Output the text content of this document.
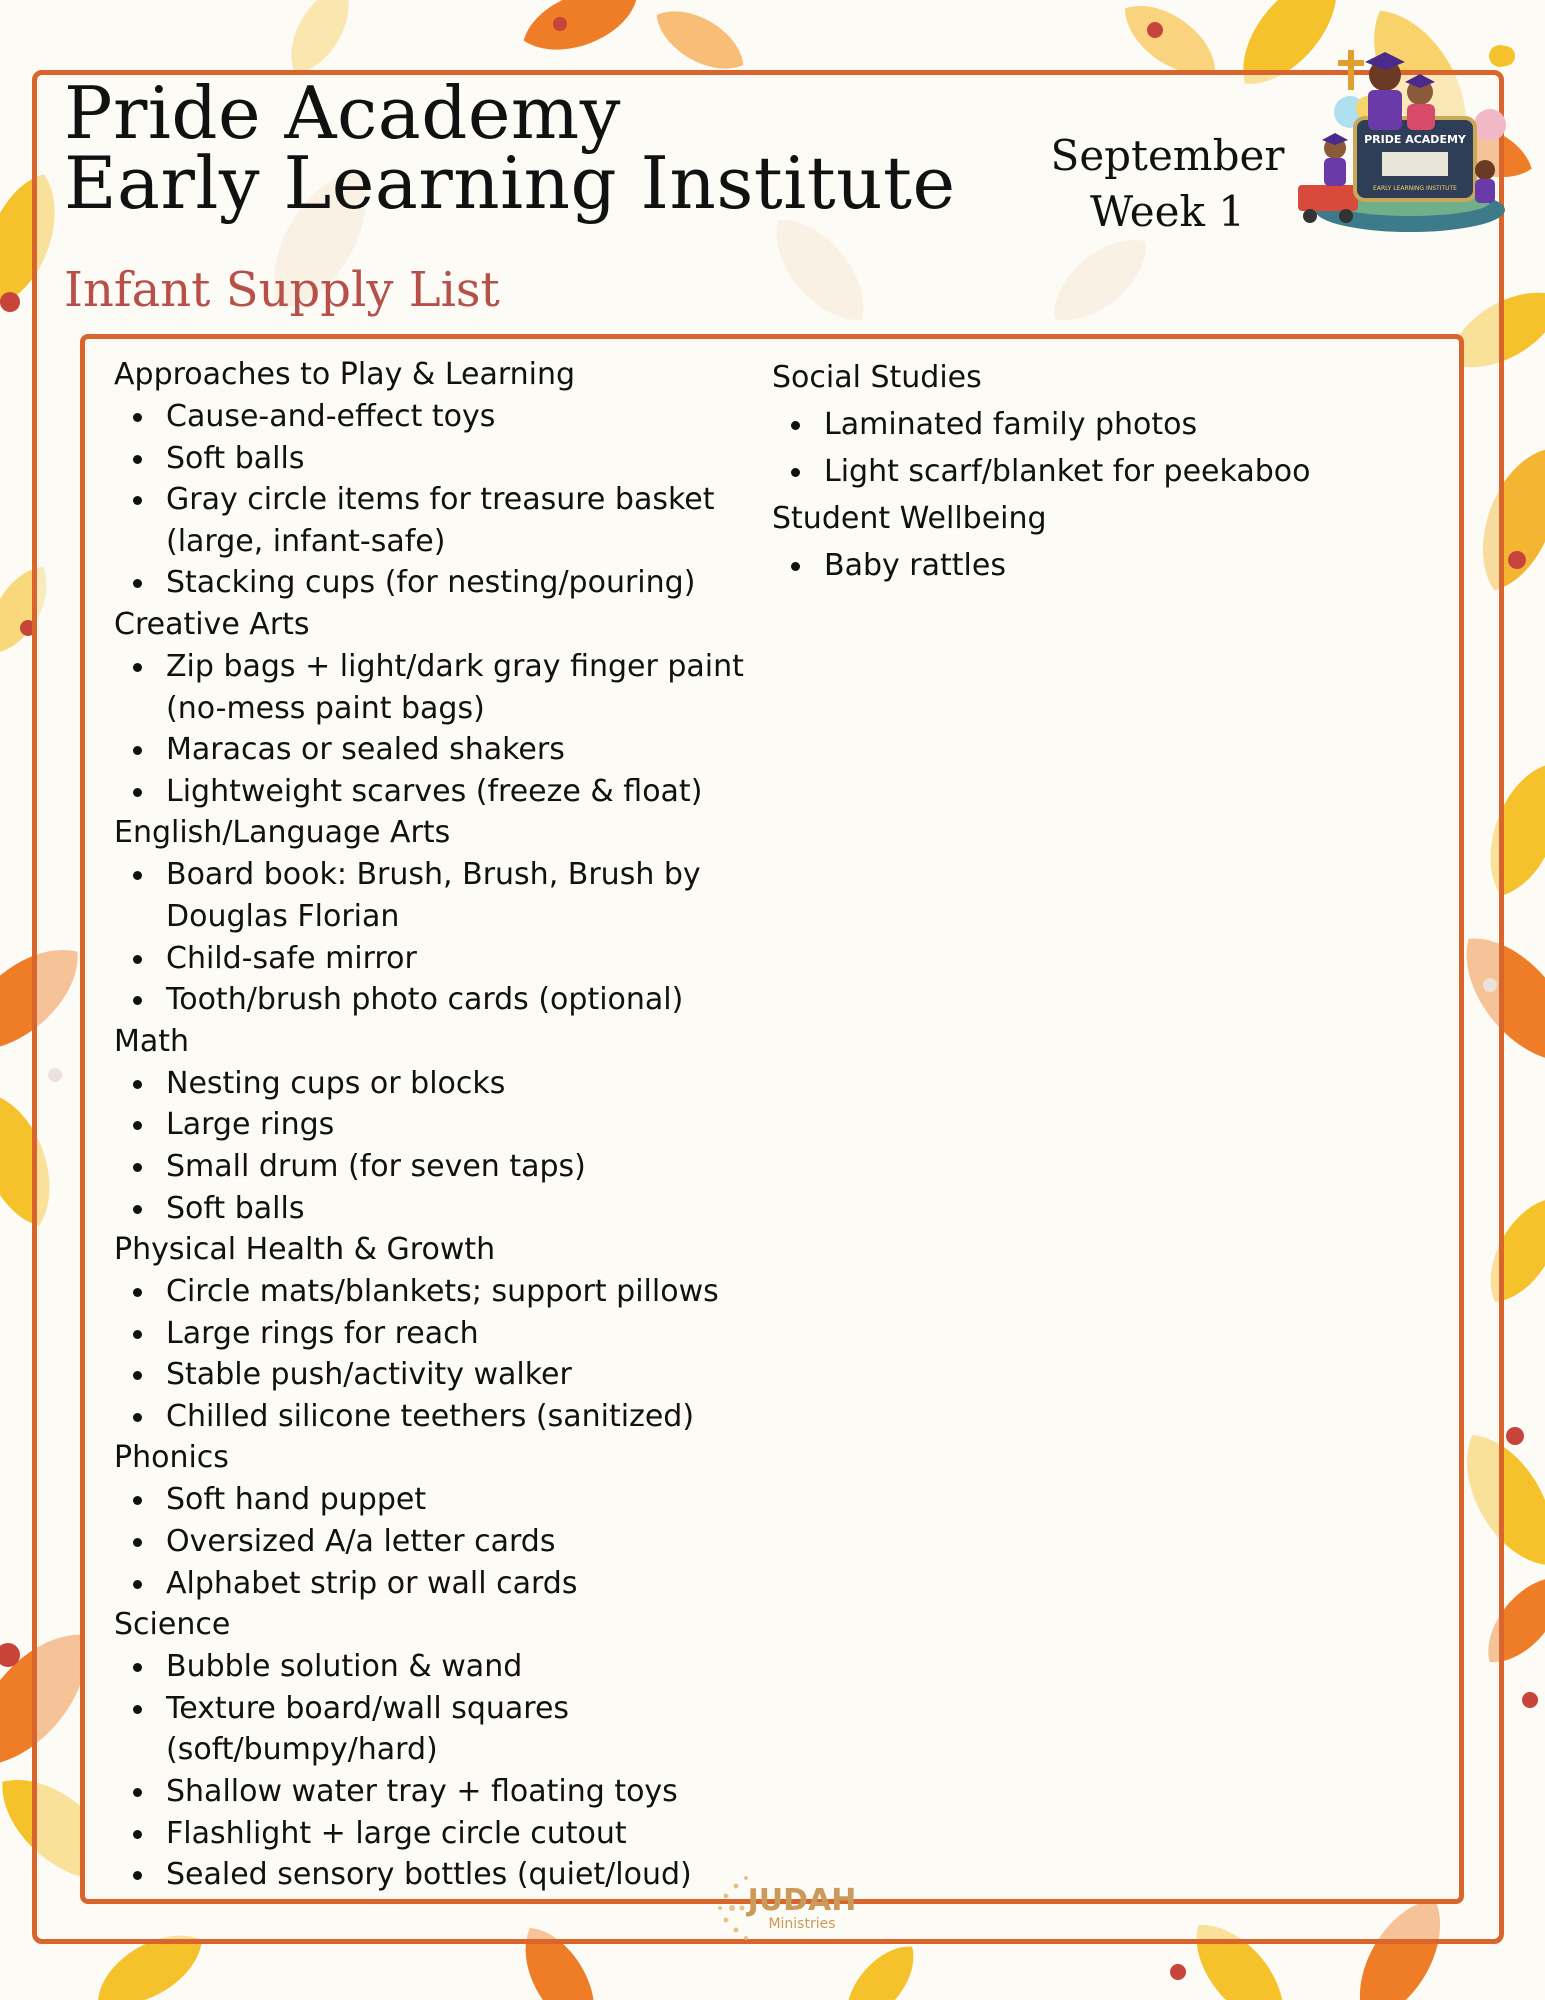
Pride Academy
Early Learning Institute
Infant Supply List
September
Week 1
PRIDE ACADEMY
EARLY LEARNING INSTITUTE
Approaches to Play & Learning
Cause-and-effect toys
Soft balls
Gray circle items for treasure basket (large, infant-safe)
Stacking cups (for nesting/pouring)
Creative Arts
Zip bags + light/dark gray finger paint (no-mess paint bags)
Maracas or sealed shakers
Lightweight scarves (freeze & float)
English/Language Arts
Board book: Brush, Brush, Brush by Douglas Florian
Child-safe mirror
Tooth/brush photo cards (optional)
Math
Nesting cups or blocks
Large rings
Small drum (for seven taps)
Soft balls
Physical Health & Growth
Circle mats/blankets; support pillows
Large rings for reach
Stable push/activity walker
Chilled silicone teethers (sanitized)
Phonics
Soft hand puppet
Oversized A/a letter cards
Alphabet strip or wall cards
Science
Bubble solution & wand
Texture board/wall squares (soft/bumpy/hard)
Shallow water tray + floating toys
Flashlight + large circle cutout
Sealed sensory bottles (quiet/loud)
Social Studies
Laminated family photos
Light scarf/blanket for peekaboo
Student Wellbeing
Baby rattles
JUDAH
Ministries
